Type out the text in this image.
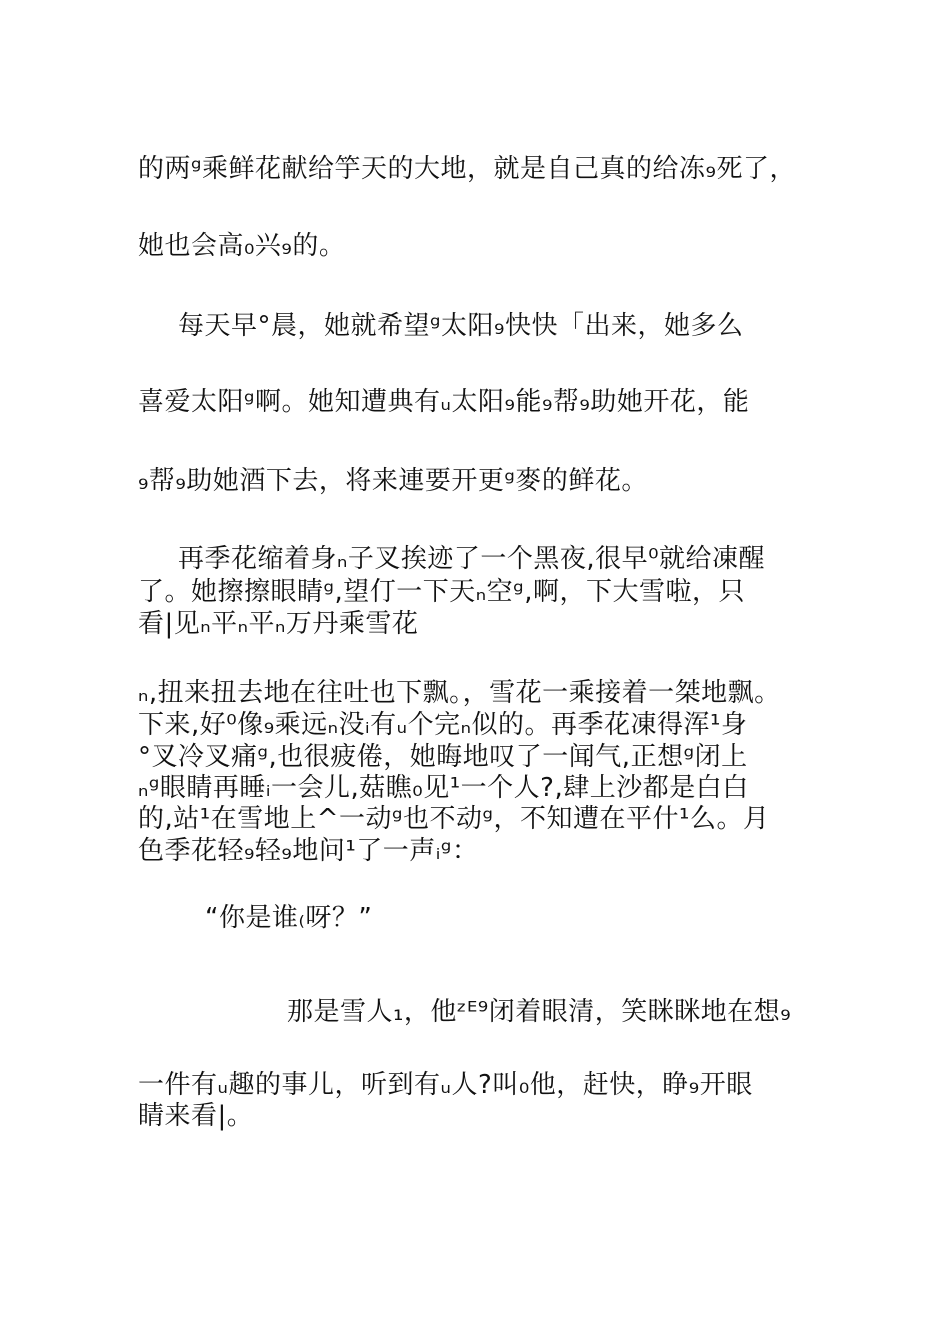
的两ᵍ乘鲜花献给竽天的大地，就是自己真的给冻₉死了，
她也会高₀兴₉的。
每天早°晨，她就希望ᵍ太阳₉快快「出来，她多么
喜爱太阳ᵍ啊。她知遭典有ᵤ太阳₉能₉帮₉助她开花，能
₉帮₉助她酒下去，将来連要开更ᵍ麥的鲜花。
再季花缩着身ₙ子叉挨迹了一个黑夜,很早⁰就给凍醒
了。她擦擦眼睛ᵍ,望仃一下天ₙ空ᵍ,啊，下大雪啦，只
看|见ₙ平ₙ平ₙ万丹乘雪花
ₙ,扭来扭去地在往吐也下飘。，雪花一乘接着一桀地飘。
下来,好⁰像₉乘远ₙ没ᵢ有ᵤ个完ₙ似的。再季花凍得浑¹身
°叉冷叉痛ᵍ,也很疲倦，她晦地叹了一闻气,正想ᵍ闭上
ₙᵍ眼睛再睡ᵢ一会儿,菇瞧₀见¹一个人?,肆上沙都是白白
的,站¹在雪地上^一动ᵍ也不动ᵍ，不知遭在平什¹么。月
色季花轻₉轻₉地问¹了一声ᵢᵍ：
“你是谁₍呀？”
那是雪人₁，他ᶻᴱ⁹闭着眼清，笑眯眯地在想₉
一件有ᵤ趣的事儿，听到有ᵤ人?叫₀他，赶快，睁₉开眼
睛来看|。
